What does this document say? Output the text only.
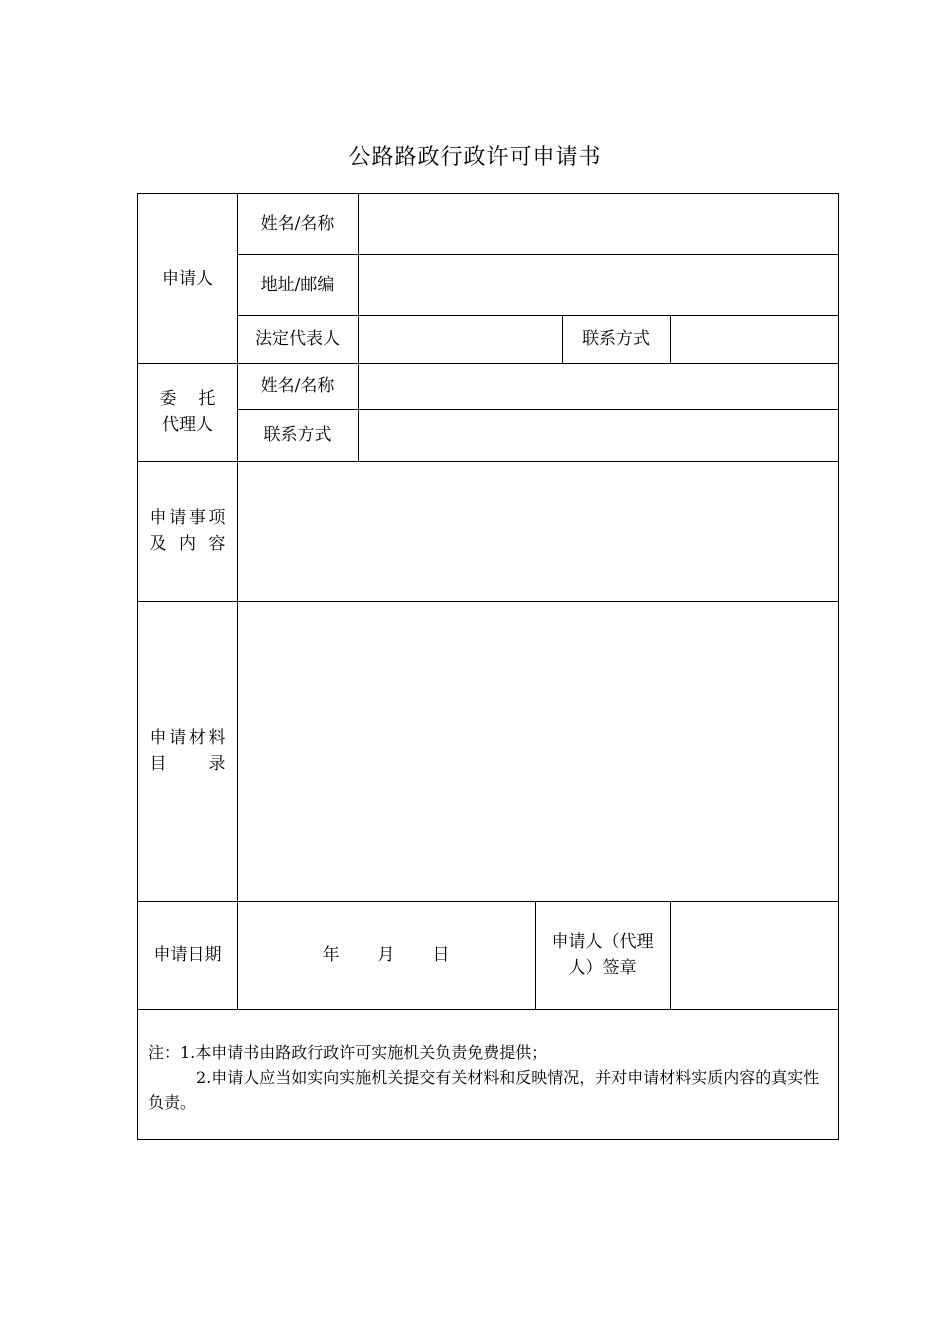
公路路政行政许可申请书
申请人
姓名/名称
地址/邮编
法定代表人	联系方式
委　托
代理人
姓名/名称
联系方式
申请事项
及内容
申请材料
目录
申请日期	年 月 日
申请人（代理
人）签章

注：1.本申请书由路政行政许可实施机关负责免费提供；

2.申请人应当如实向实施机关提交有关材料和反映情况，并对申请材料实质内容的真实性负责。
